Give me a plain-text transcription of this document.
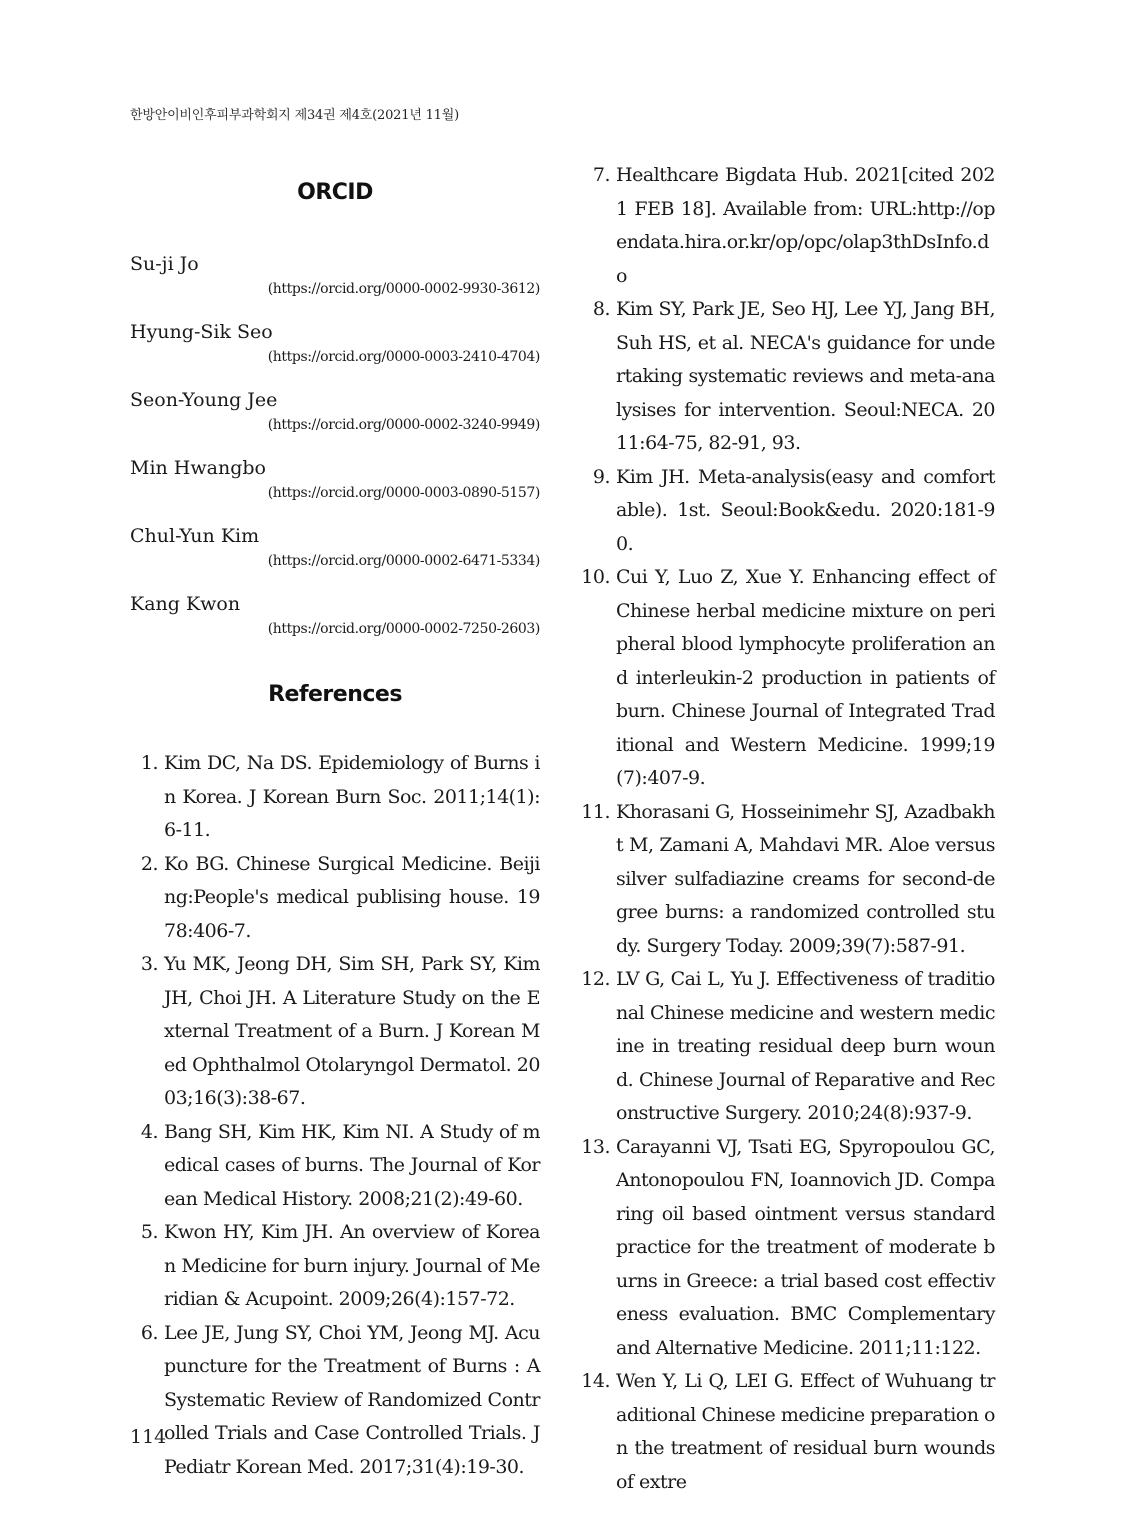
한방안이비인후피부과학회지 제34권 제4호(2021년 11월)
ORCID
Su-ji Jo
(https://orcid.org/0000-0002-9930-3612)
Hyung-Sik Seo
(https://orcid.org/0000-0003-2410-4704)
Seon-Young Jee
(https://orcid.org/0000-0002-3240-9949)
Min Hwangbo
(https://orcid.org/0000-0003-0890-5157)
Chul-Yun Kim
(https://orcid.org/0000-0002-6471-5334)
Kang Kwon
(https://orcid.org/0000-0002-7250-2603)
References
1. Kim DC, Na DS. Epidemiology of Burns in Korea. J Korean Burn Soc. 2011;14(1):6-11.
2. Ko BG. Chinese Surgical Medicine. Beijing:People's medical publising house. 1978:406-7.
3. Yu MK, Jeong DH, Sim SH, Park SY, Kim JH, Choi JH. A Literature Study on the External Treatment of a Burn. J Korean Med Ophthalmol Otolaryngol Dermatol. 2003;16(3):38-67.
4. Bang SH, Kim HK, Kim NI. A Study of medical cases of burns. The Journal of Korean Medical History. 2008;21(2):49-60.
5. Kwon HY, Kim JH. An overview of Korean Medicine for burn injury. Journal of Meridian & Acupoint. 2009;26(4):157-72.
6. Lee JE, Jung SY, Choi YM, Jeong MJ. Acupuncture for the Treatment of Burns : A Systematic Review of Randomized Controlled Trials and Case Controlled Trials. J Pediatr Korean Med. 2017;31(4):19-30.
7. Healthcare Bigdata Hub. 2021[cited 2021 FEB 18]. Available from: URL:http://opendata.hira.or.kr/op/opc/olap3thDsInfo.do
8. Kim SY, Park JE, Seo HJ, Lee YJ, Jang BH, Suh HS, et al. NECA's guidance for undertaking systematic reviews and meta-analysises for intervention. Seoul:NECA. 2011:64-75, 82-91, 93.
9. Kim JH. Meta-analysis(easy and comfortable). 1st. Seoul:Book&edu. 2020:181-90.
10. Cui Y, Luo Z, Xue Y. Enhancing effect of Chinese herbal medicine mixture on peripheral blood lymphocyte proliferation and interleukin-2 production in patients of burn. Chinese Journal of Integrated Traditional and Western Medicine. 1999;19(7):407-9.
11. Khorasani G, Hosseinimehr SJ, Azadbakht M, Zamani A, Mahdavi MR. Aloe versus silver sulfadiazine creams for second-degree burns: a randomized controlled study. Surgery Today. 2009;39(7):587-91.
12. LV G, Cai L, Yu J. Effectiveness of traditional Chinese medicine and western medicine in treating residual deep burn wound. Chinese Journal of Reparative and Reconstructive Surgery. 2010;24(8):937-9.
13. Carayanni VJ, Tsati EG, Spyropoulou GC, Antonopoulou FN, Ioannovich JD. Comparing oil based ointment versus standard practice for the treatment of moderate burns in Greece: a trial based cost effectiveness evaluation. BMC Complementary and Alternative Medicine. 2011;11:122.
14. Wen Y, Li Q, LEI G. Effect of Wuhuang traditional Chinese medicine preparation on the treatment of residual burn wounds of extre
114
